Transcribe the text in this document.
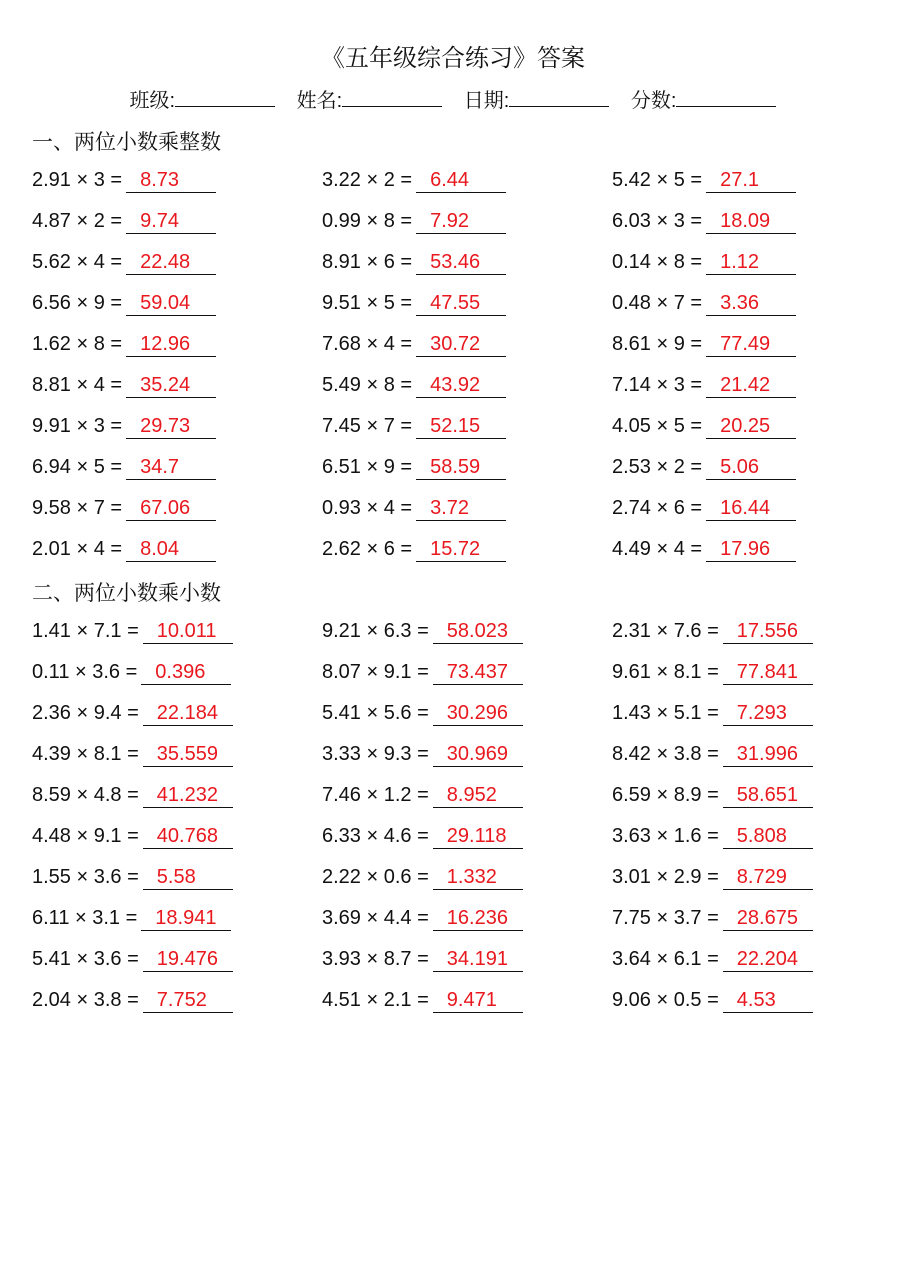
《五年级综合练习》答案
班级:	姓名:	日期:	分数:
一、两位小数乘整数
2.91 × 3 = 8.73	3.22 × 2 = 6.44	5.42 × 5 = 27.1
4.87 × 2 = 9.74	0.99 × 8 = 7.92	6.03 × 3 = 18.09
5.62 × 4 = 22.48	8.91 × 6 = 53.46	0.14 × 8 = 1.12
6.56 × 9 = 59.04	9.51 × 5 = 47.55	0.48 × 7 = 3.36
1.62 × 8 = 12.96	7.68 × 4 = 30.72	8.61 × 9 = 77.49
8.81 × 4 = 35.24	5.49 × 8 = 43.92	7.14 × 3 = 21.42
9.91 × 3 = 29.73	7.45 × 7 = 52.15	4.05 × 5 = 20.25
6.94 × 5 = 34.7	6.51 × 9 = 58.59	2.53 × 2 = 5.06
9.58 × 7 = 67.06	0.93 × 4 = 3.72	2.74 × 6 = 16.44
2.01 × 4 = 8.04	2.62 × 6 = 15.72	4.49 × 4 = 17.96
二、两位小数乘小数
1.41 × 7.1 = 10.011	9.21 × 6.3 = 58.023	2.31 × 7.6 = 17.556
0.11 × 3.6 = 0.396	8.07 × 9.1 = 73.437	9.61 × 8.1 = 77.841
2.36 × 9.4 = 22.184	5.41 × 5.6 = 30.296	1.43 × 5.1 = 7.293
4.39 × 8.1 = 35.559	3.33 × 9.3 = 30.969	8.42 × 3.8 = 31.996
8.59 × 4.8 = 41.232	7.46 × 1.2 = 8.952	6.59 × 8.9 = 58.651
4.48 × 9.1 = 40.768	6.33 × 4.6 = 29.118	3.63 × 1.6 = 5.808
1.55 × 3.6 = 5.58	2.22 × 0.6 = 1.332	3.01 × 2.9 = 8.729
6.11 × 3.1 = 18.941	3.69 × 4.4 = 16.236	7.75 × 3.7 = 28.675
5.41 × 3.6 = 19.476	3.93 × 8.7 = 34.191	3.64 × 6.1 = 22.204
2.04 × 3.8 = 7.752	4.51 × 2.1 = 9.471	9.06 × 0.5 = 4.53
